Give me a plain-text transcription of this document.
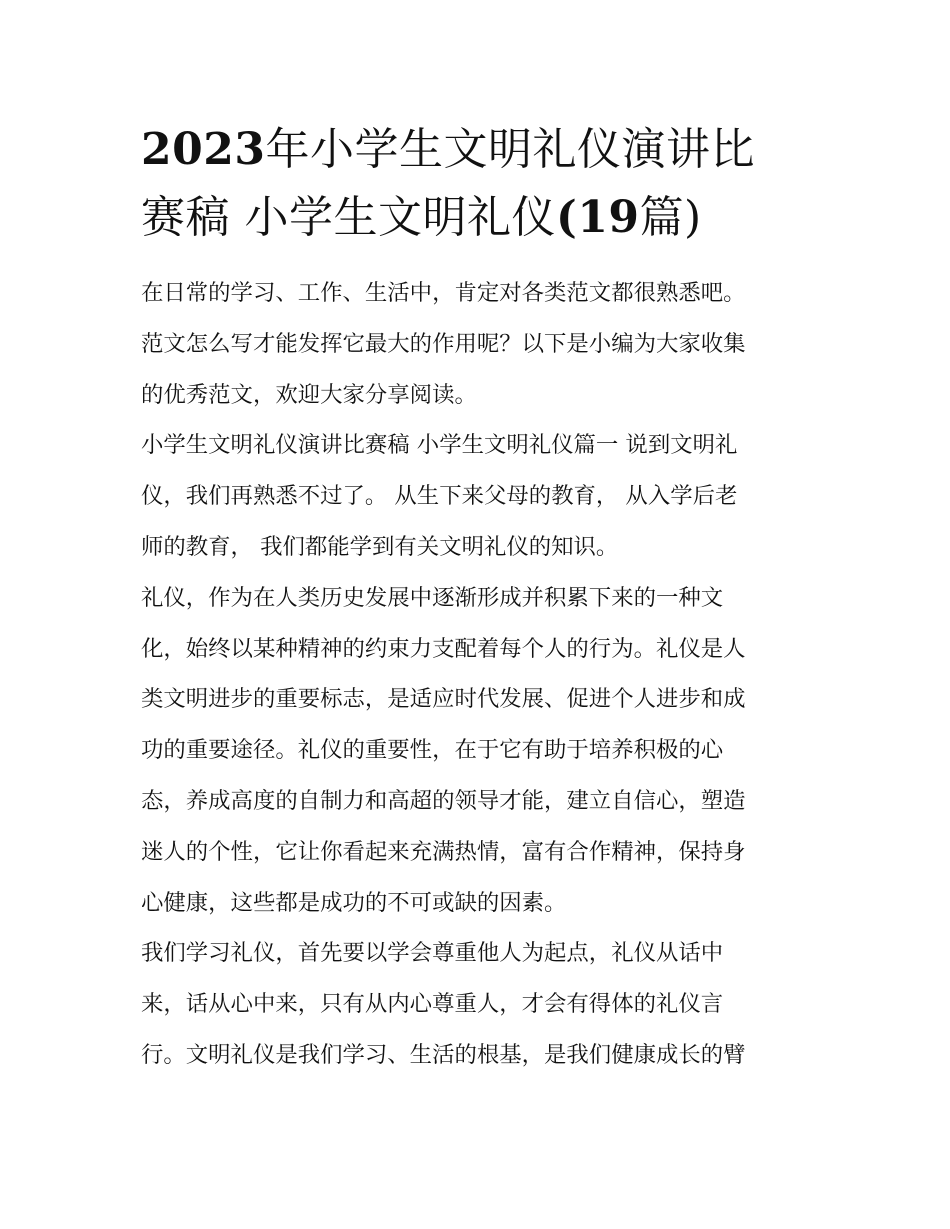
2023年小学生文明礼仪演讲比
赛稿 小学生文明礼仪(19篇)

在日常的学习、工作、生活中，肯定对各类范文都很熟悉吧。
范文怎么写才能发挥它最大的作用呢？以下是小编为大家收集
的优秀范文，欢迎大家分享阅读。

小学生文明礼仪演讲比赛稿 小学生文明礼仪篇一 说到文明礼
仪，我们再熟悉不过了。 从生下来父母的教育， 从入学后老
师的教育， 我们都能学到有关文明礼仪的知识。

礼仪，作为在人类历史发展中逐渐形成并积累下来的一种文
化，始终以某种精神的约束力支配着每个人的行为。礼仪是人
类文明进步的重要标志，是适应时代发展、促进个人进步和成
功的重要途径。礼仪的重要性，在于它有助于培养积极的心
态，养成高度的自制力和高超的领导才能，建立自信心，塑造
迷人的个性，它让你看起来充满热情，富有合作精神，保持身
心健康，这些都是成功的不可或缺的因素。

我们学习礼仪，首先要以学会尊重他人为起点，礼仪从话中
来，话从心中来，只有从内心尊重人，才会有得体的礼仪言
行。文明礼仪是我们学习、生活的根基，是我们健康成长的臂
